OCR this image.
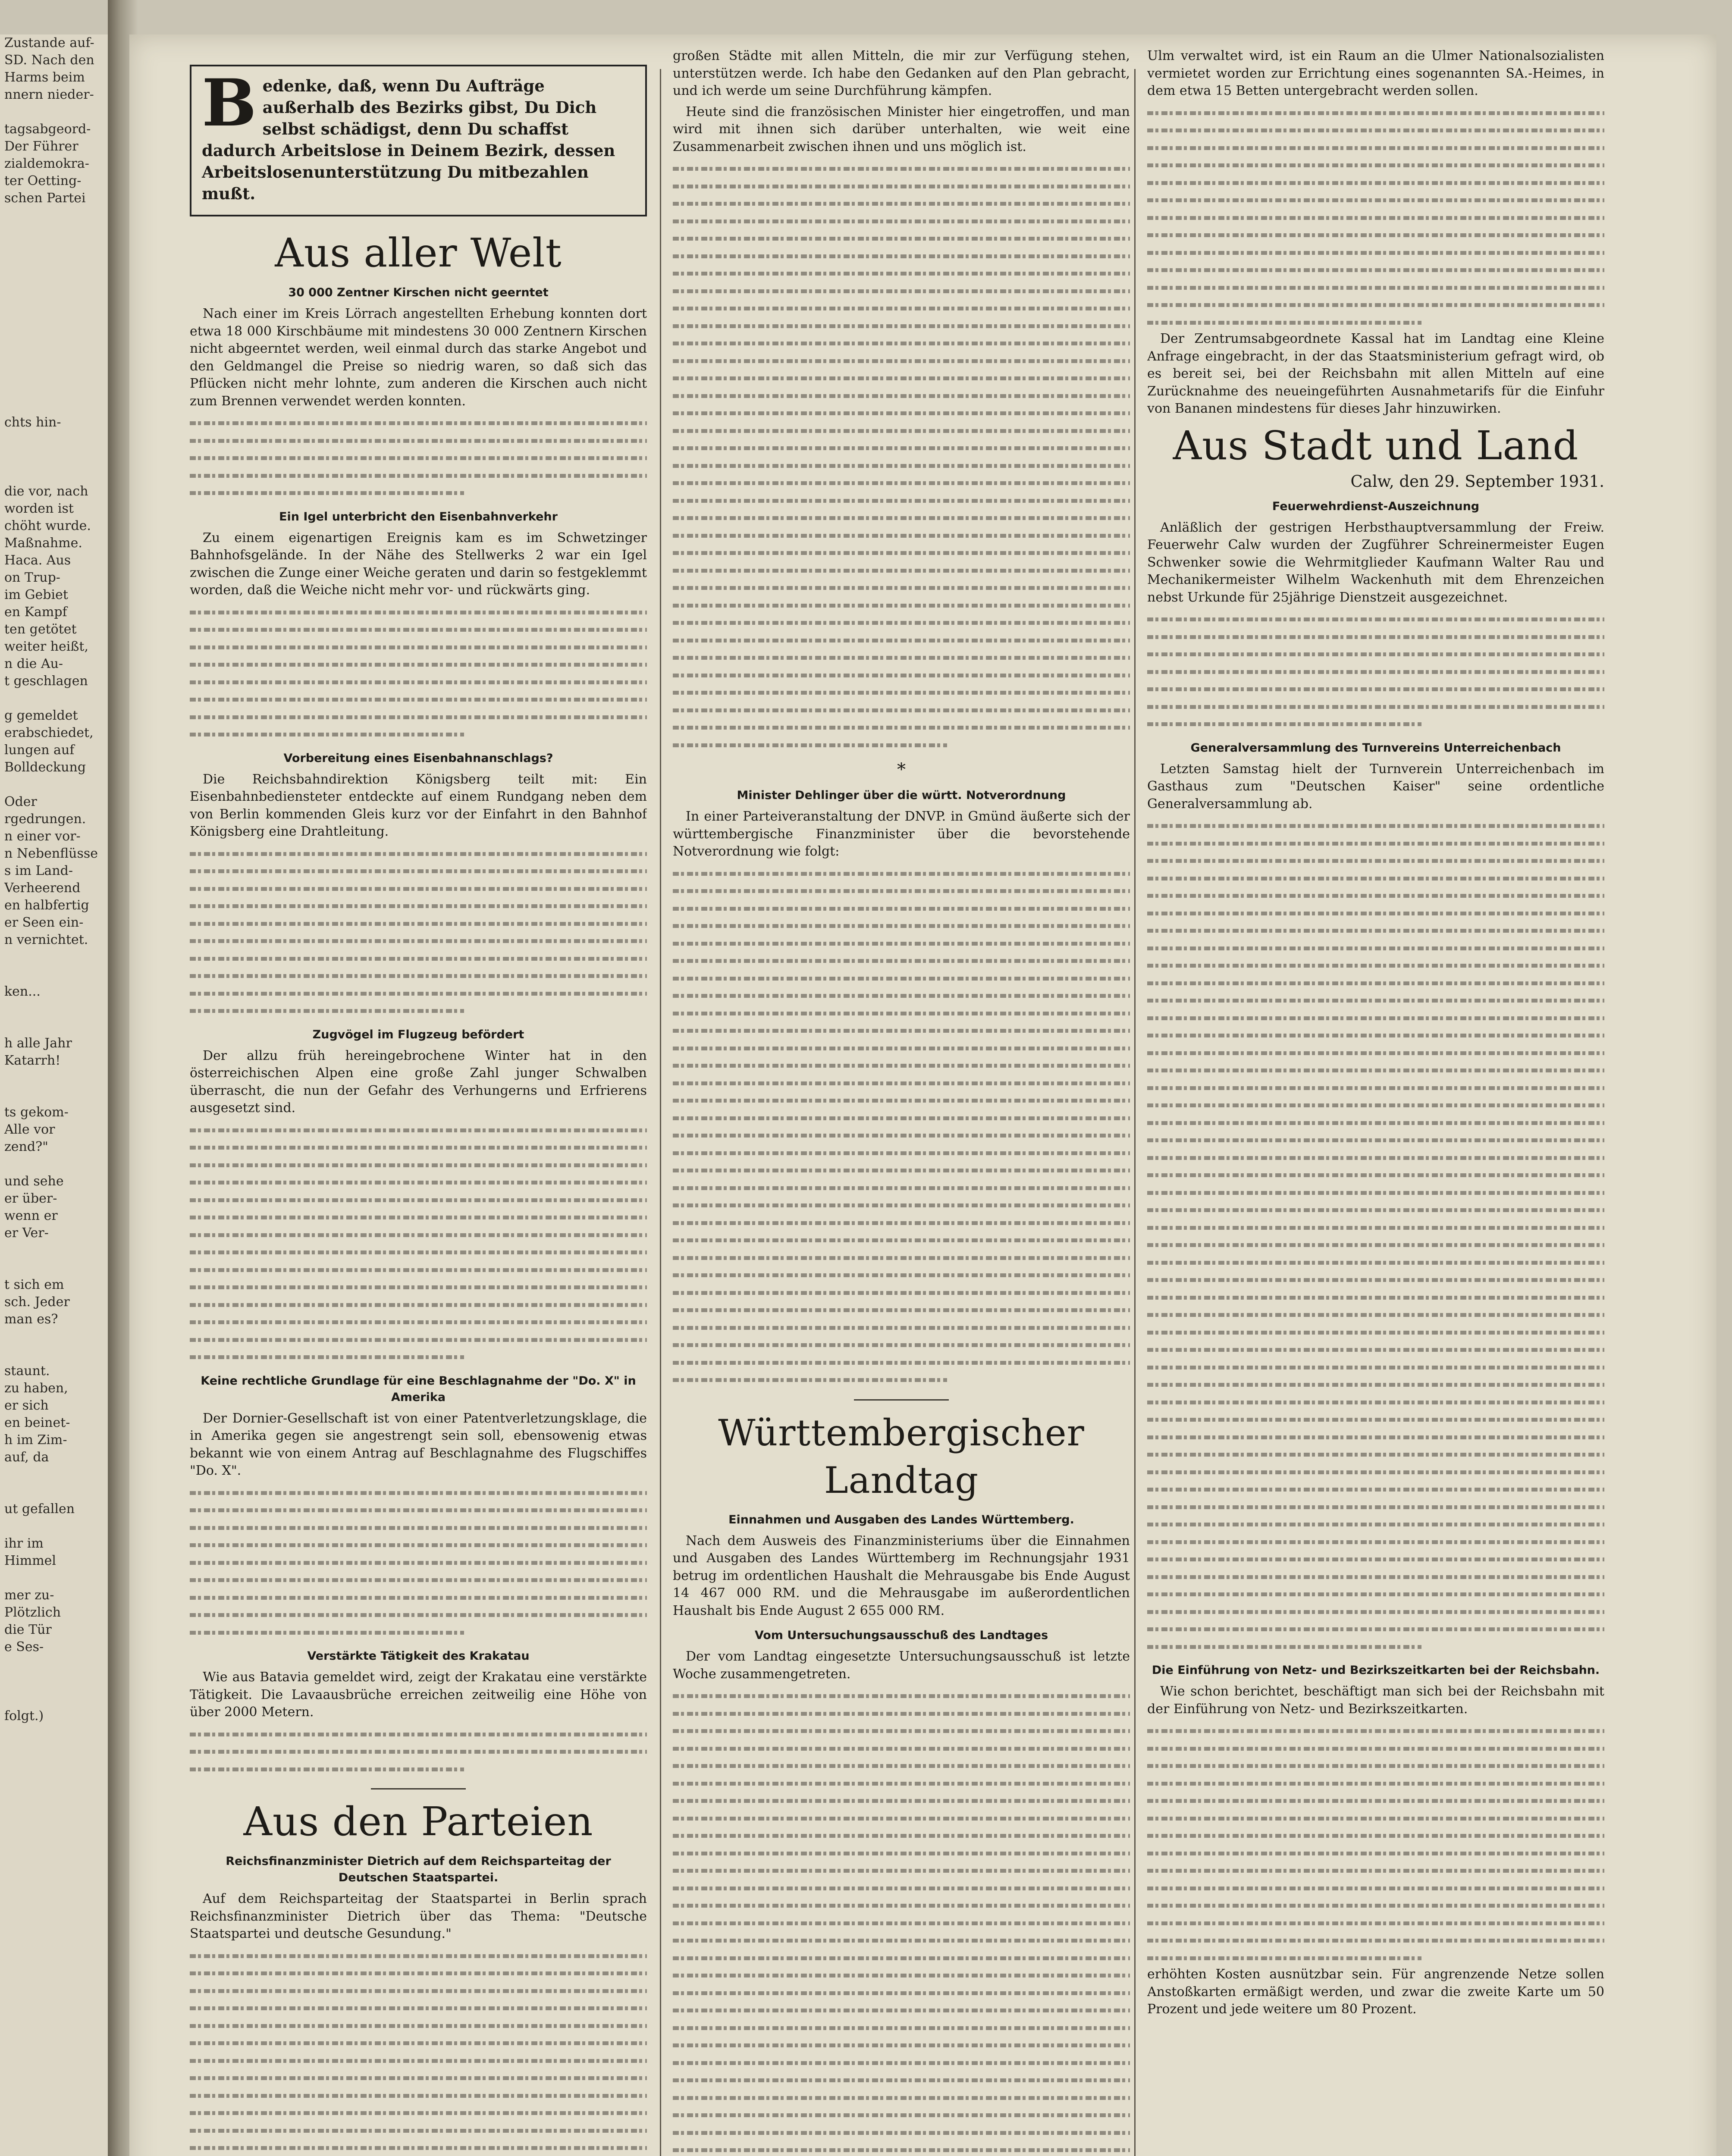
Zustande auf-
SD. Nach den
Harms beim
nnern nieder-
tagsabgeord-
Der Führer
zialdemokra-
ter Oetting-
schen Partei
chts hin-
die vor, nach
worden ist
chöht wurde.
Maßnahme.
Haca. Aus
on Trup-
im Gebiet
en Kampf
ten getötet
weiter heißt,
n die Au-
t geschlagen
g gemeldet
erabschiedet,
lungen auf
Bolldeckung
Oder
rgedrungen.
n einer vor-
n Nebenflüsse
s im Land-
Verheerend
en halbfertig
er Seen ein-
n vernichtet.
ken...
h alle Jahr
Katarrh!
ts gekom-
Alle vor
zend?"
und sehe
er über-
wenn er
er Ver-
t sich em
sch. Jeder
man es?
staunt.
zu haben,
er sich
en beinet-
h im Zim-
auf, da
ut gefallen
ihr im
Himmel
mer zu-
Plötzlich
die Tür
e Ses-
folgt.)
B edenke, daß, wenn Du Aufträge außerhalb des Bezirks gibst, Du Dich selbst schädigst, denn Du schaffst dadurch Arbeitslose in Deinem Bezirk, dessen Arbeitslosenunterstützung Du mitbezahlen mußt.
Aus aller Welt
30 000 Zentner Kirschen nicht geerntet

Nach einer im Kreis Lörrach angestellten Erhebung konnten dort etwa 18 000 Kirschbäume mit mindestens 30 000 Zentnern Kirschen nicht abgeerntet werden, weil einmal durch das starke Angebot und den Geldmangel die Preise so niedrig waren, so daß sich das Pflücken nicht mehr lohnte, zum anderen die Kirschen auch nicht zum Brennen verwendet werden konnten.

Ein Igel unterbricht den Eisenbahnverkehr

Zu einem eigenartigen Ereignis kam es im Schwetzinger Bahnhofsgelände. In der Nähe des Stellwerks 2 war ein Igel zwischen die Zunge einer Weiche geraten und darin so festgeklemmt worden, daß die Weiche nicht mehr vor- und rückwärts ging.

Vorbereitung eines Eisenbahnanschlags?

Die Reichsbahndirektion Königsberg teilt mit: Ein Eisenbahnbediensteter entdeckte auf einem Rundgang neben dem von Berlin kommenden Gleis kurz vor der Einfahrt in den Bahnhof Königsberg eine Drahtleitung.

Zugvögel im Flugzeug befördert

Der allzu früh hereingebrochene Winter hat in den österreichischen Alpen eine große Zahl junger Schwalben überrascht, die nun der Gefahr des Verhungerns und Erfrierens ausgesetzt sind.

Keine rechtliche Grundlage für eine Beschlagnahme der "Do. X" in Amerika

Der Dornier-Gesellschaft ist von einer Patentverletzungsklage, die in Amerika gegen sie angestrengt sein soll, ebensowenig etwas bekannt wie von einem Antrag auf Beschlagnahme des Flugschiffes "Do. X".

Verstärkte Tätigkeit des Krakatau

Wie aus Batavia gemeldet wird, zeigt der Krakatau eine verstärkte Tätigkeit. Die Lavaausbrüche erreichen zeitweilig eine Höhe von über 2000 Metern.

Aus den Parteien
Reichsfinanzminister Dietrich auf dem Reichsparteitag der Deutschen Staatspartei.

Auf dem Reichsparteitag der Staatspartei in Berlin sprach Reichsfinanzminister Dietrich über das Thema: "Deutsche Staatspartei und deutsche Gesundung."

großen Städte mit allen Mitteln, die mir zur Verfügung stehen, unterstützen werde. Ich habe den Gedanken auf den Plan gebracht, und ich werde um seine Durchführung kämpfen.

Heute sind die französischen Minister hier eingetroffen, und man wird mit ihnen sich darüber unterhalten, wie weit eine Zusammenarbeit zwischen ihnen und uns möglich ist.

*
Minister Dehlinger über die württ. Notverordnung

In einer Parteiveranstaltung der DNVP. in Gmünd äußerte sich der württembergische Finanzminister über die bevorstehende Notverordnung wie folgt:

Württembergischer Landtag
Einnahmen und Ausgaben des Landes Württemberg.

Nach dem Ausweis des Finanzministeriums über die Einnahmen und Ausgaben des Landes Württemberg im Rechnungsjahr 1931 betrug im ordentlichen Haushalt die Mehrausgabe bis Ende August 14 467 000 RM. und die Mehrausgabe im außerordentlichen Haushalt bis Ende August 2 655 000 RM.

Vom Untersuchungsausschuß des Landtages

Der vom Landtag eingesetzte Untersuchungsausschuß ist letzte Woche zusammengetreten.

Ulm verwaltet wird, ist ein Raum an die Ulmer Nationalsozialisten vermietet worden zur Errichtung eines sogenannten SA.-Heimes, in dem etwa 15 Betten untergebracht werden sollen.

Der Zentrumsabgeordnete Kassal hat im Landtag eine Kleine Anfrage eingebracht, in der das Staatsministerium gefragt wird, ob es bereit sei, bei der Reichsbahn mit allen Mitteln auf eine Zurücknahme des neueingeführten Ausnahmetarifs für die Einfuhr von Bananen mindestens für dieses Jahr hinzuwirken.

Aus Stadt und Land
Calw, den 29. September 1931.
Feuerwehrdienst-Auszeichnung

Anläßlich der gestrigen Herbsthauptversammlung der Freiw. Feuerwehr Calw wurden der Zugführer Schreinermeister Eugen Schwenker sowie die Wehrmitglieder Kaufmann Walter Rau und Mechanikermeister Wilhelm Wackenhuth mit dem Ehrenzeichen nebst Urkunde für 25jährige Dienstzeit ausgezeichnet.

Generalversammlung des Turnvereins Unterreichenbach

Letzten Samstag hielt der Turnverein Unterreichenbach im Gasthaus zum "Deutschen Kaiser" seine ordentliche Generalversammlung ab.

Die Einführung von Netz- und Bezirkszeitkarten bei der Reichsbahn.

Wie schon berichtet, beschäftigt man sich bei der Reichsbahn mit der Einführung von Netz- und Bezirkszeitkarten.

erhöhten Kosten ausnützbar sein. Für angrenzende Netze sollen Anstoßkarten ermäßigt werden, und zwar die zweite Karte um 50 Prozent und jede weitere um 80 Prozent.
